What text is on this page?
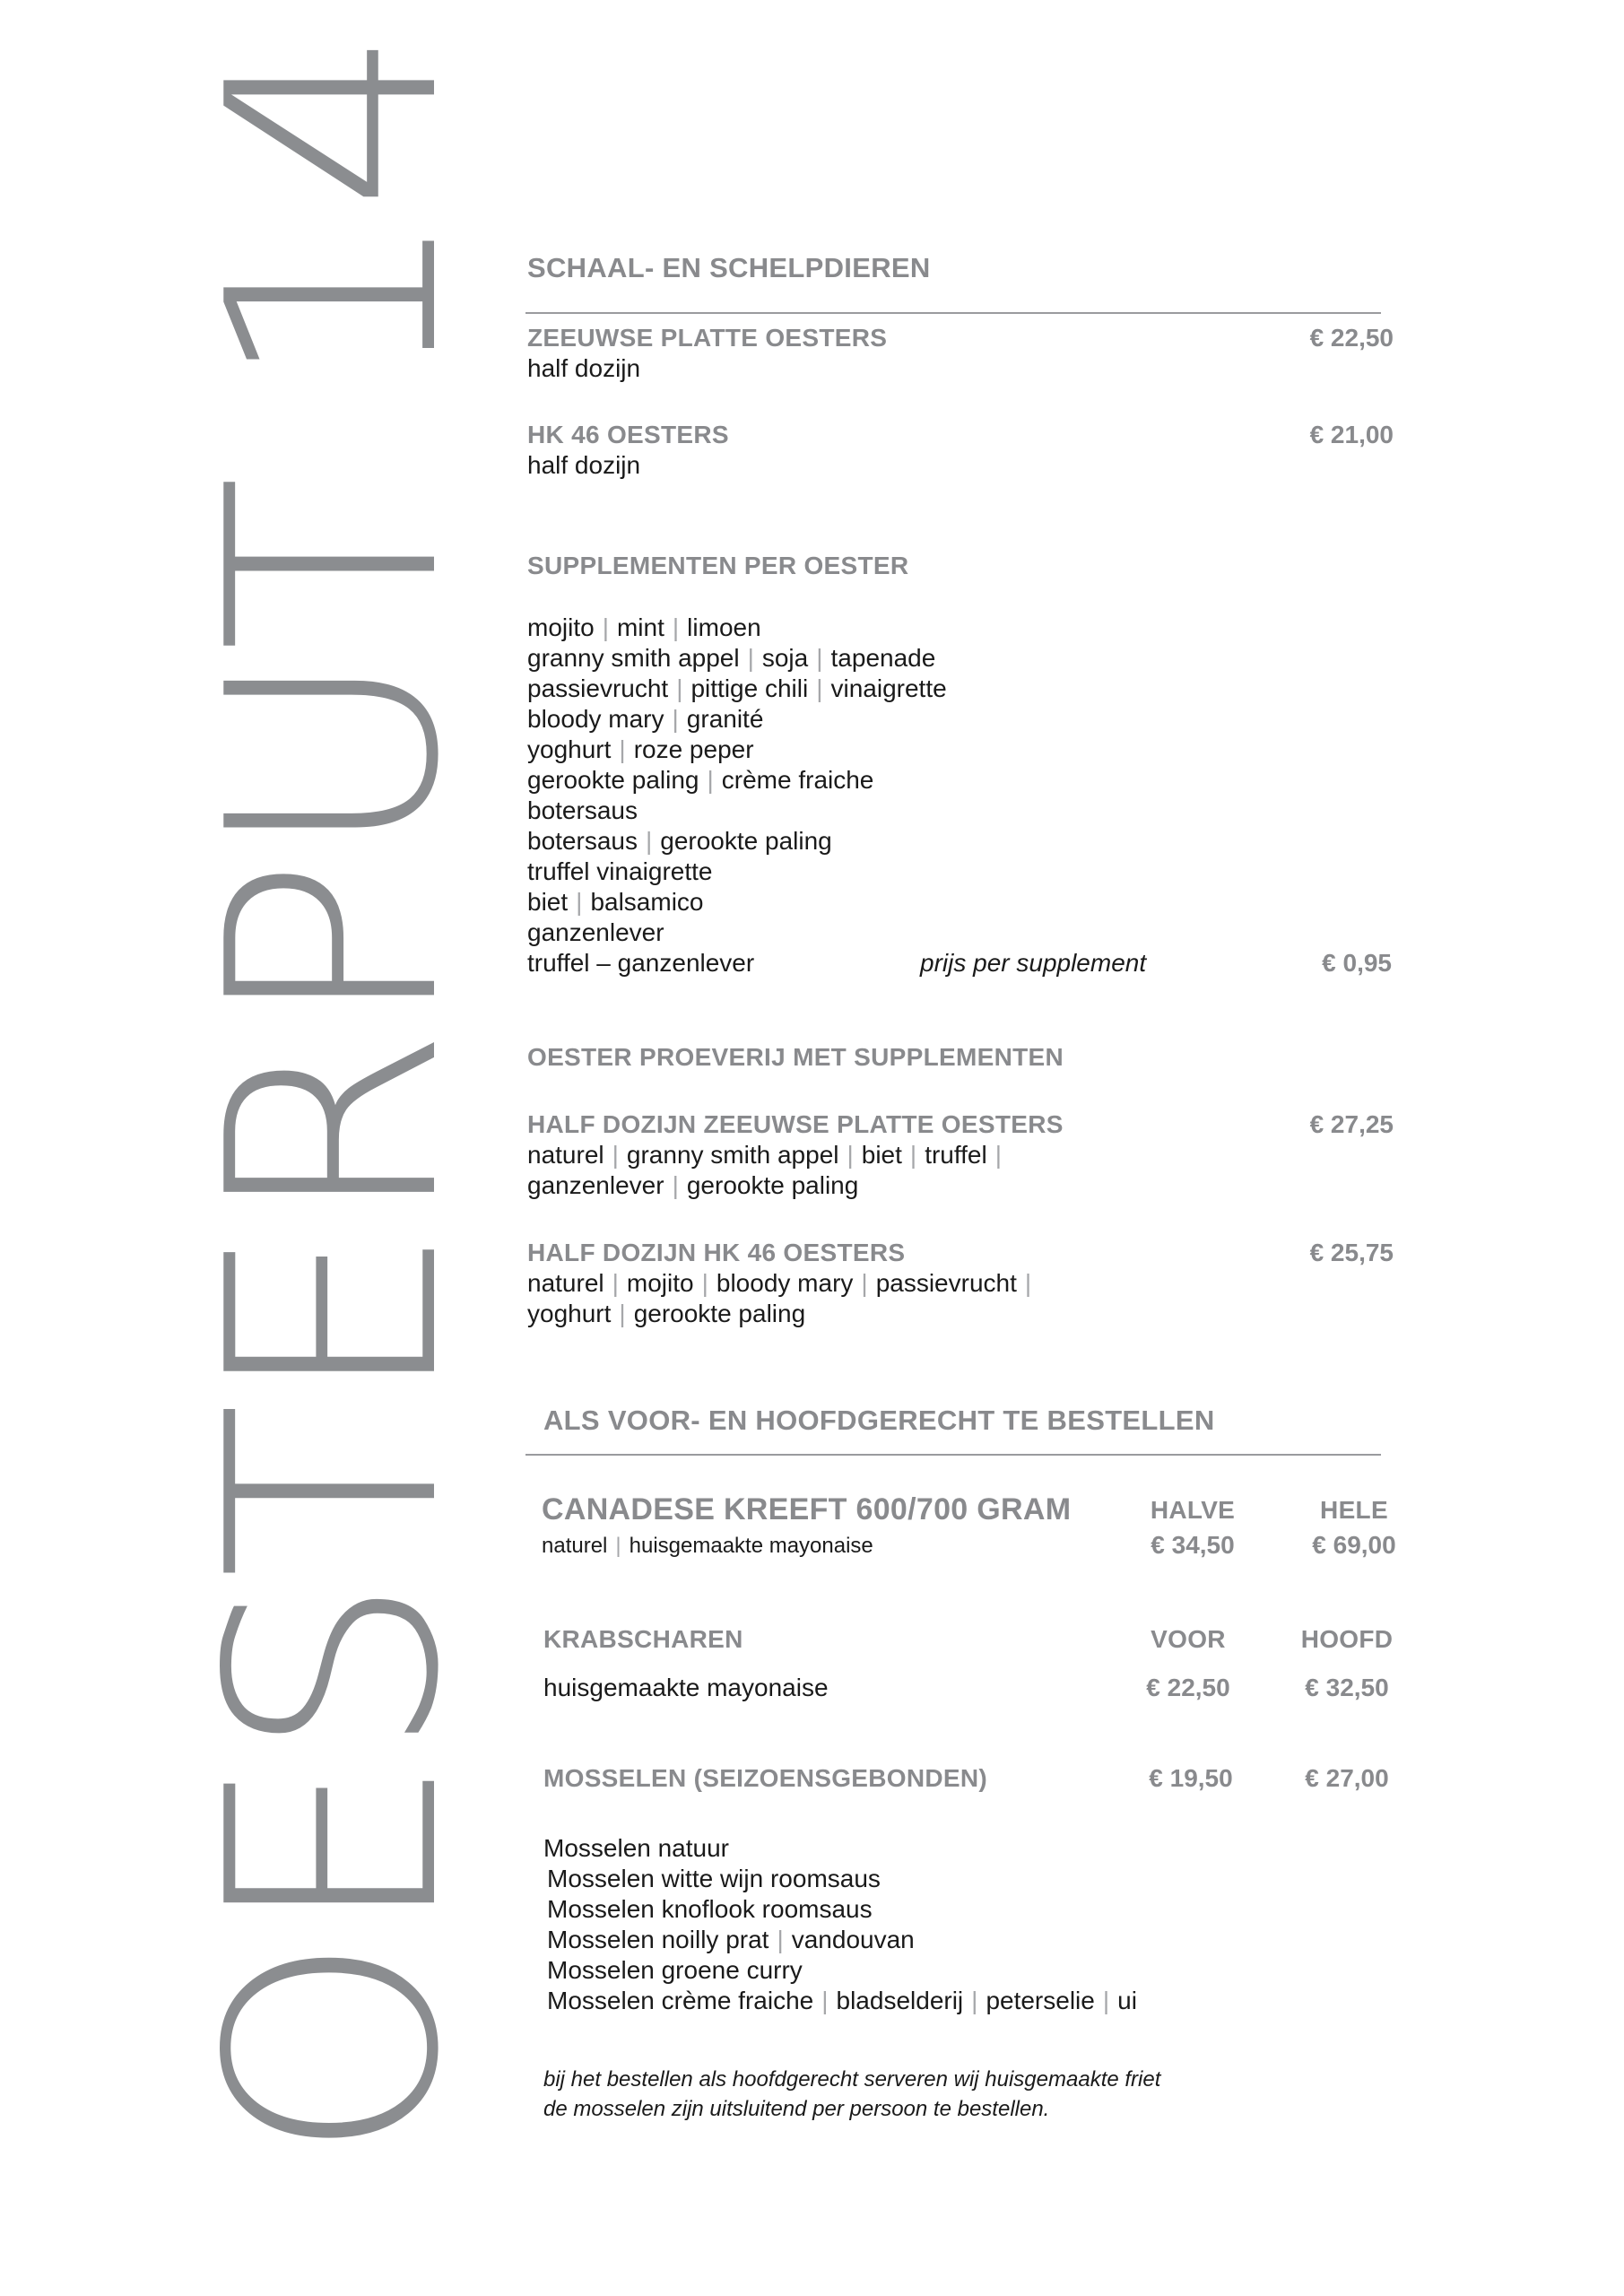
OESTERPUT 14 SCHAAL- EN SCHELPDIEREN
ZEEUWSE PLATTE OESTERS	€ 22,50
half dozijn
HK 46 OESTERS	€ 21,00
half dozijn
SUPPLEMENTEN PER OESTER
mojito | mint | limoen
granny smith appel | soja | tapenade
passievrucht | pittige chili | vinaigrette
bloody mary | granité
yoghurt | roze peper
gerookte paling | crème fraiche
botersaus
botersaus | gerookte paling
truffel vinaigrette
biet | balsamico
ganzenlever
truffel – ganzenlever	prijs per supplement	€ 0,95
OESTER PROEVERIJ MET SUPPLEMENTEN
HALF DOZIJN ZEEUWSE PLATTE OESTERS	€ 27,25
naturel | granny smith appel | biet | truffel |
ganzenlever | gerookte paling
HALF DOZIJN HK 46 OESTERS	€ 25,75
naturel | mojito | bloody mary | passievrucht |
yoghurt | gerookte paling
ALS VOOR- EN HOOFDGERECHT TE BESTELLEN
CANADESE KREEFT 600/700 GRAM	HALVE	HELE
naturel | huisgemaakte mayonaise	€ 34,50	€ 69,00
KRABSCHAREN	VOOR	HOOFD
huisgemaakte mayonaise	€ 22,50	€ 32,50
MOSSELEN (SEIZOENSGEBONDEN)	€ 19,50	€ 27,00
Mosselen natuur
Mosselen witte wijn roomsaus
Mosselen knoflook roomsaus
Mosselen noilly prat | vandouvan
Mosselen groene curry
Mosselen crème fraiche | bladselderij | peterselie | ui
bij het bestellen als hoofdgerecht serveren wij huisgemaakte friet
de mosselen zijn uitsluitend per persoon te bestellen.
